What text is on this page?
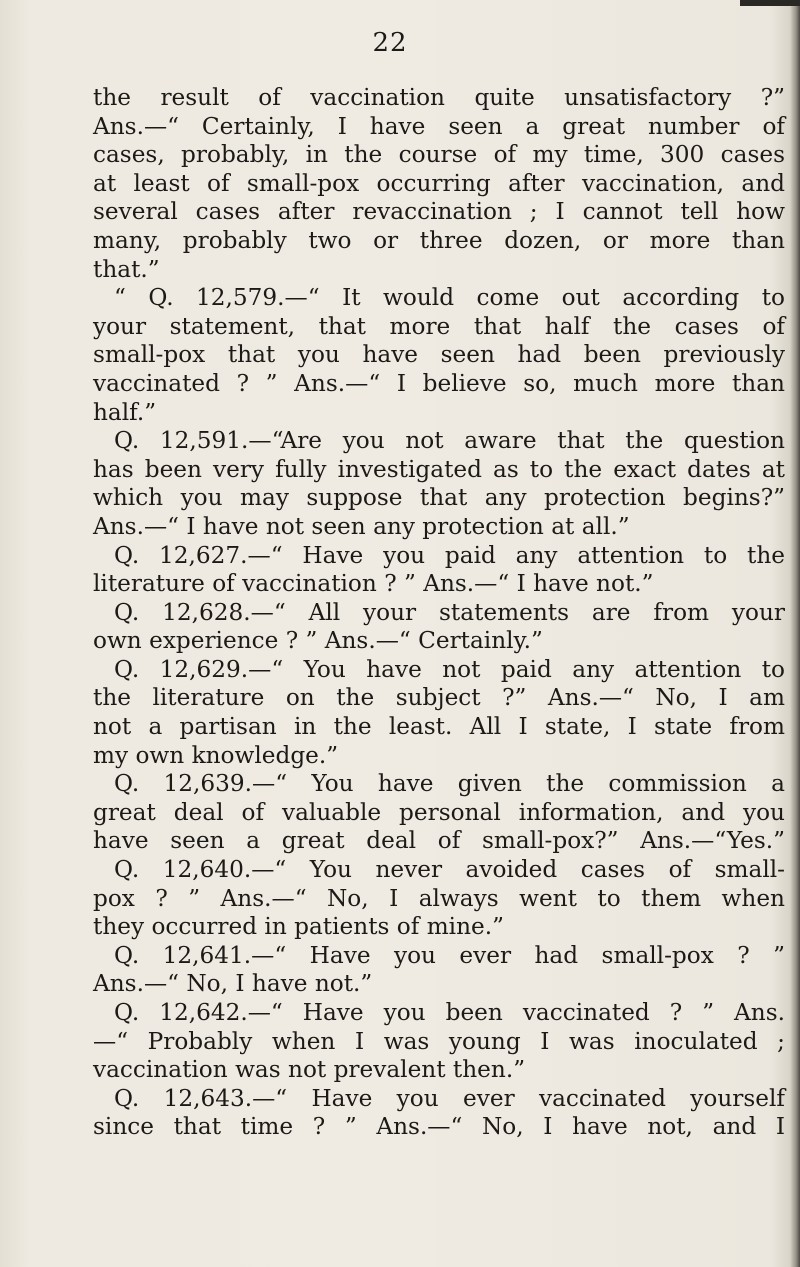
22
the result of vaccination quite unsatisfactory ?”
Ans.—“ Certainly, I have seen a great number of
cases, probably, in the course of my time, 300 cases
at least of small-pox occurring after vaccination, and
several cases after revaccination ; I cannot tell how
many, probably two or three dozen, or more than
that.”
“ Q. 12,579.—“ It would come out according to
your statement, that more that half the cases of
small-pox that you have seen had been previously
vaccinated ? ” Ans.—“ I believe so, much more than
half.”
Q. 12,591.—“Are you not aware that the question
has been very fully investigated as to the exact dates at
which you may suppose that any protection begins?”
Ans.—“ I have not seen any protection at all.”
Q. 12,627.—“ Have you paid any attention to the
literature of vaccination ? ” Ans.—“ I have not.”
Q. 12,628.—“ All your statements are from your
own experience ? ” Ans.—“ Certainly.”
Q. 12,629.—“ You have not paid any attention to
the literature on the subject ?” Ans.—“ No, I am
not a partisan in the least. All I state, I state from
my own knowledge.”
Q. 12,639.—“ You have given the commission a
great deal of valuable personal information, and you
have seen a great deal of small-pox?” Ans.—“Yes.”
Q. 12,640.—“ You never avoided cases of small-
pox ? ” Ans.—“ No, I always went to them when
they occurred in patients of mine.”
Q. 12,641.—“ Have you ever had small-pox ? ”
Ans.—“ No, I have not.”
Q. 12,642.—“ Have you been vaccinated ? ” Ans.
—“ Probably when I was young I was inoculated ;
vaccination was not prevalent then.”
Q. 12,643.—“ Have you ever vaccinated yourself
since that time ? ” Ans.—“ No, I have not, and I
